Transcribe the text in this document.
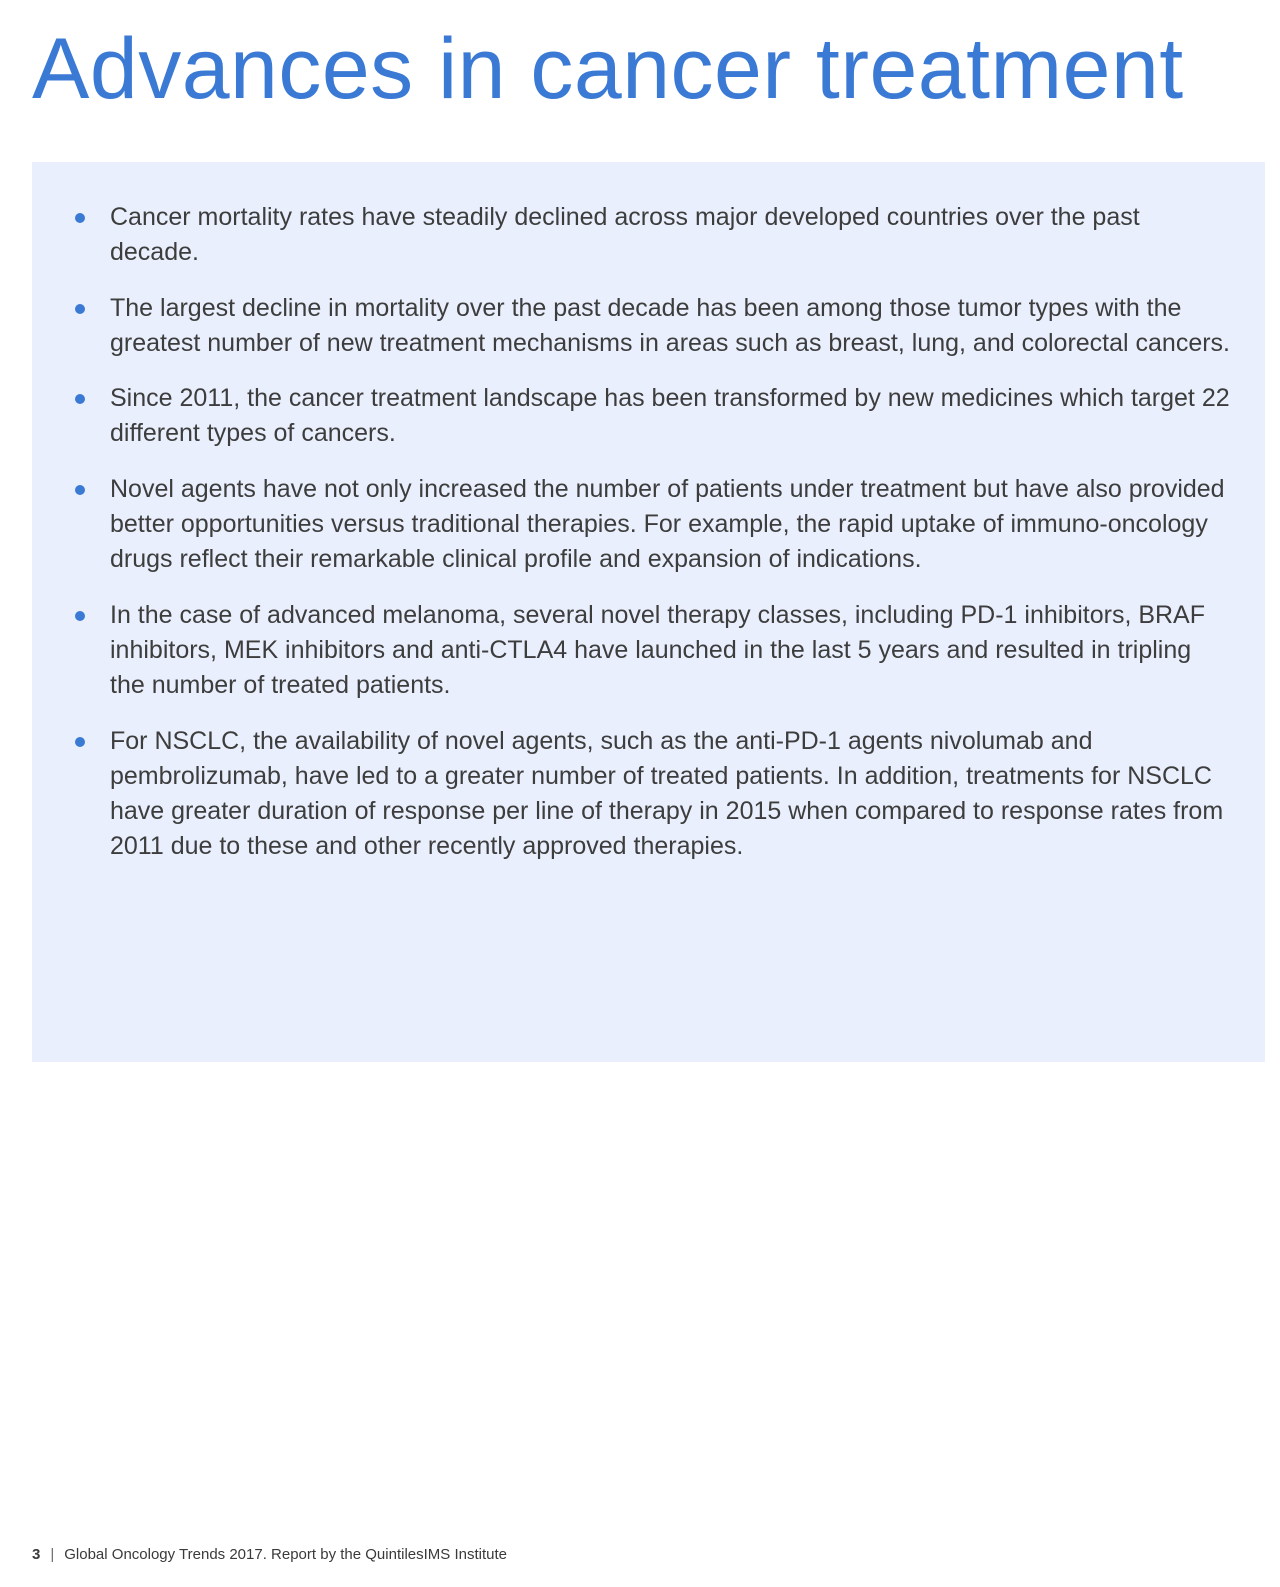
Advances in cancer treatment
Cancer mortality rates have steadily declined across major developed countries over the past decade.
The largest decline in mortality over the past decade has been among those tumor types with the greatest number of new treatment mechanisms in areas such as breast, lung, and colorectal cancers.
Since 2011, the cancer treatment landscape has been transformed by new medicines which target 22 different types of cancers.
Novel agents have not only increased the number of patients under treatment but have also provided better opportunities versus traditional therapies. For example, the rapid uptake of immuno-oncology drugs reflect their remarkable clinical profile and expansion of indications.
In the case of advanced melanoma, several novel therapy classes, including PD-1 inhibitors, BRAF inhibitors, MEK inhibitors and anti-CTLA4 have launched in the last 5 years and resulted in tripling the number of treated patients.
For NSCLC, the availability of novel agents, such as the anti-PD-1 agents nivolumab and pembrolizumab, have led to a greater number of treated patients. In addition, treatments for NSCLC have greater duration of response per line of therapy in 2015 when compared to response rates from 2011 due to these and other recently approved therapies.
3 | Global Oncology Trends 2017. Report by the QuintilesIMS Institute
